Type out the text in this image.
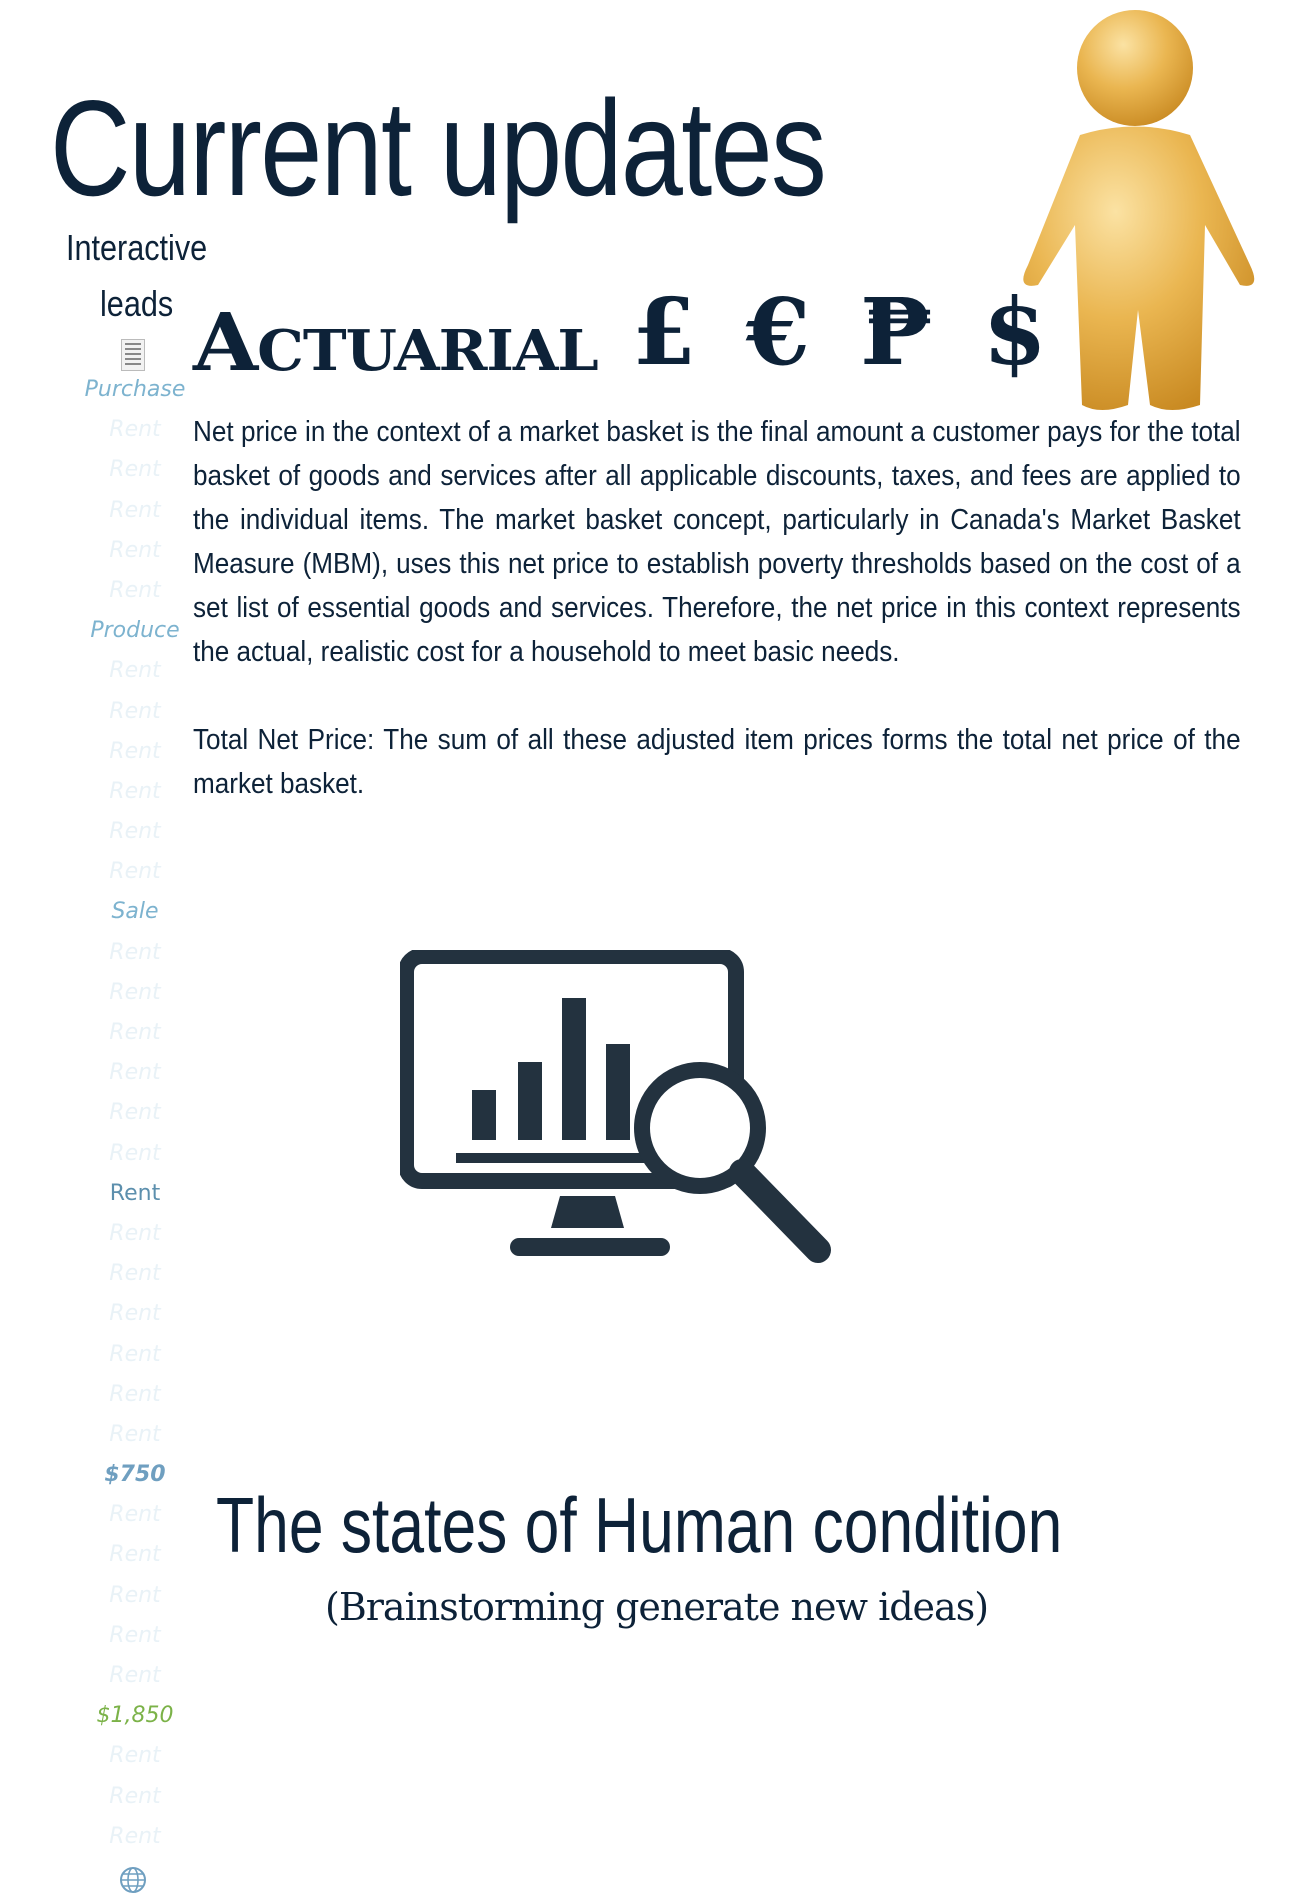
Current updates
Interactive
leads
Purchase
Rent
Rent
Rent
Rent
Rent
Produce
Rent
Rent
Rent
Rent
Rent
Rent
Sale
Rent
Rent
Rent
Rent
Rent
Rent
Rent
Rent
Rent
Rent
Rent
Rent
Rent
$750
Rent
Rent
Rent
Rent
Rent
$1,850
Rent
Rent
Rent
Actuarial £ € ₱ $

Net price in the context of a market basket is the final amount a customer pays for the total basket of goods and services after all applicable discounts, taxes, and fees are applied to the individual items. The market basket concept, particularly in Canada's Market Basket Measure (MBM), uses this net price to establish poverty thresholds based on the cost of a set list of essential goods and services. Therefore, the net price in this context represents the actual, realistic cost for a household to meet basic needs.

Total Net Price: The sum of all these adjusted item prices forms the total net price of the market basket.

The states of Human condition
(Brainstorming generate new ideas)
